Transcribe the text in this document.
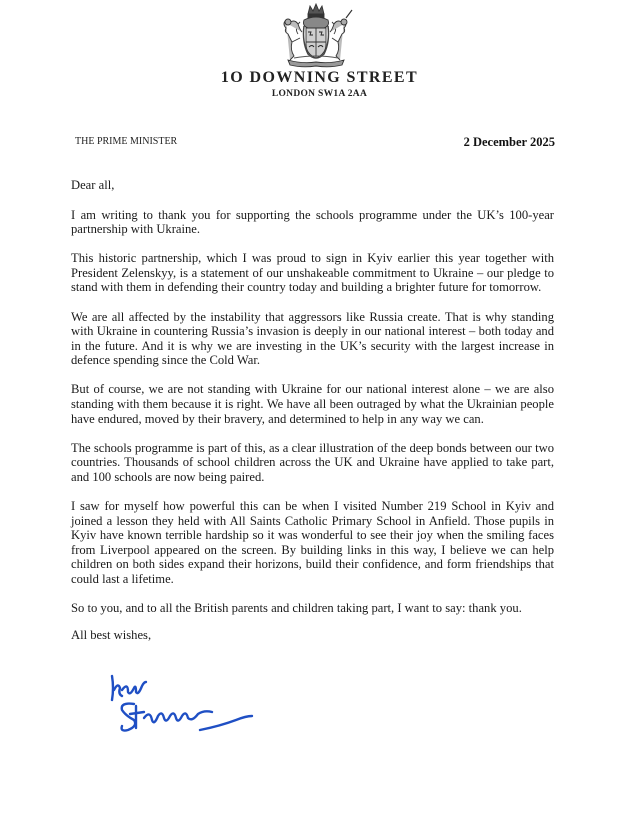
1O DOWNING STREET
LONDON SW1A 2AA
THE PRIME MINISTER	2 December 2025

Dear all,

I am writing to thank you for supporting the schools programme under the UK’s 100-year partnership with Ukraine.

This historic partnership, which I was proud to sign in Kyiv earlier this year together with President Zelenskyy, is a statement of our unshakeable commitment to Ukraine – our pledge to stand with them in defending their country today and building a brighter future for tomorrow.

We are all affected by the instability that aggressors like Russia create. That is why standing with Ukraine in countering Russia’s invasion is deeply in our national interest – both today and in the future. And it is why we are investing in the UK’s security with the largest increase in defence spending since the Cold War.

But of course, we are not standing with Ukraine for our national interest alone – we are also standing with them because it is right. We have all been outraged by what the Ukrainian people have endured, moved by their bravery, and determined to help in any way we can.

The schools programme is part of this, as a clear illustration of the deep bonds between our two countries. Thousands of school children across the UK and Ukraine have applied to take part, and 100 schools are now being paired.

I saw for myself how powerful this can be when I visited Number 219 School in Kyiv and joined a lesson they held with All Saints Catholic Primary School in Anfield. Those pupils in Kyiv have known terrible hardship so it was wonderful to see their joy when the smiling faces from Liverpool appeared on the screen. By building links in this way, I believe we can help children on both sides expand their horizons, build their confidence, and form friendships that could last a lifetime.

So to you, and to all the British parents and children taking part, I want to say: thank you.

All best wishes,
